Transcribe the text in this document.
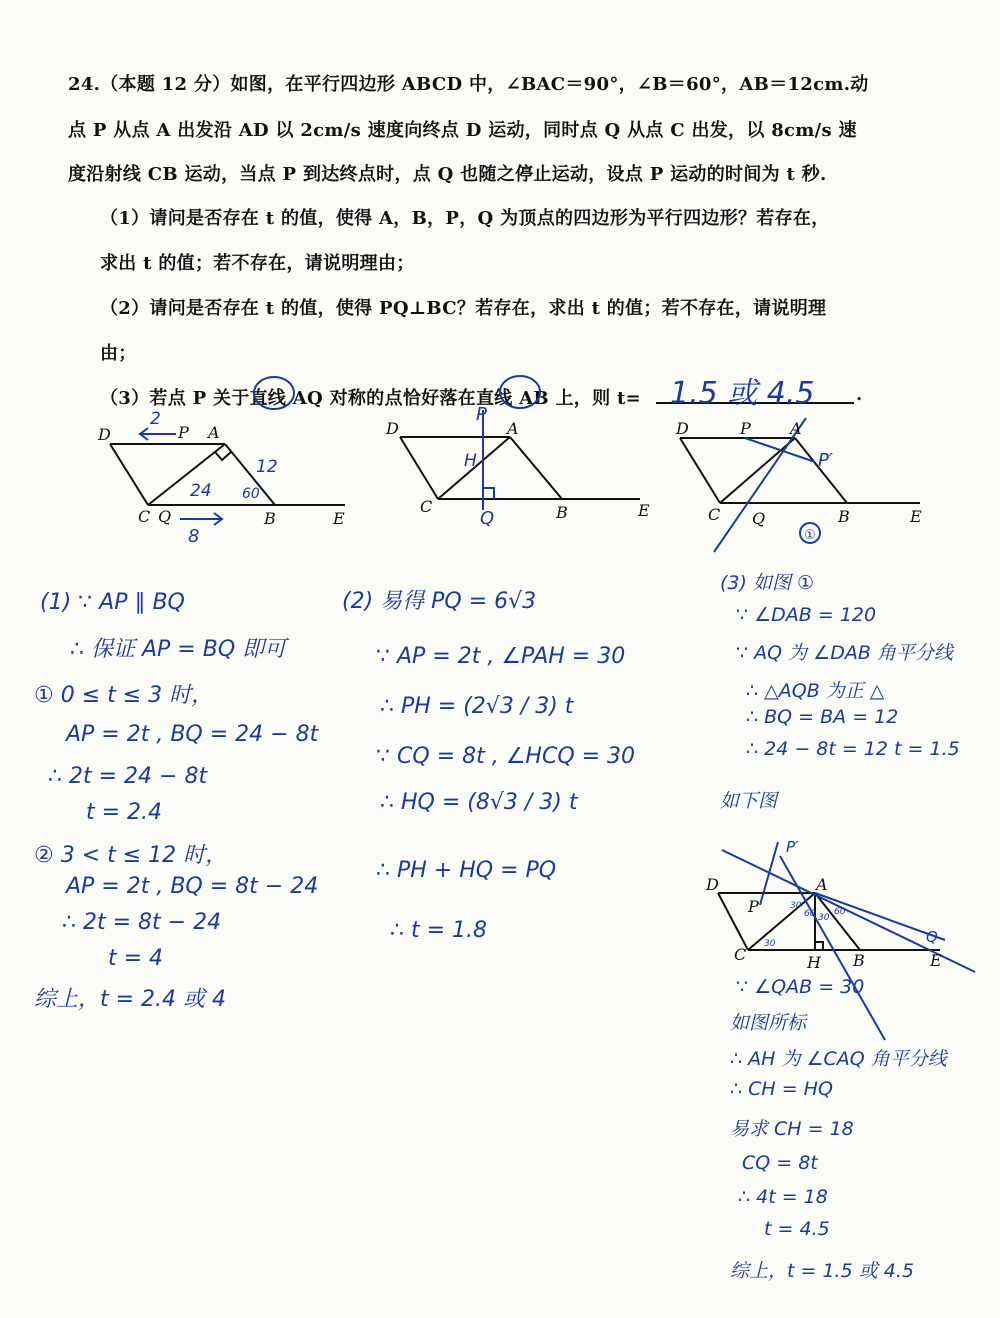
24.（本题 12 分）如图，在平行四边形 ABCD 中，∠BAC＝90°，∠B＝60°，AB＝12cm.动
点 P 从点 A 出发沿 AD 以 2cm/s 速度向终点 D 运动，同时点 Q 从点 C 出发，以 8cm/s 速
度沿射线 CB 运动，当点 P 到达终点时，点 Q 也随之停止运动，设点 P 运动的时间为 t 秒.
（1）请问是否存在 t 的值，使得 A，B，P，Q 为顶点的四边形为平行四边形？若存在，
求出 t 的值；若不存在，请说明理由；
（2）请问是否存在 t 的值，使得 PQ⊥BC？若存在，求出 t 的值；若不存在，请说明理
由；
（3）若点 P 关于直线 AQ 对称的点恰好落在直线 AB 上，则 t=	.
1.5 或 4.5
D	P A
C Q	B	E
2
8
12
24 60
D	A
C	B	E
P
H
Q
D	P A
C Q	B	E
P′
①
D
P
A
C	H B	E
Q
P′
30
60 30
60
30
(1) ∵ AP ∥ BQ
∴ 保证 AP = BQ 即可
① 0 ≤ t ≤ 3 时，
AP = 2t , BQ = 24 − 8t
∴ 2t = 24 − 8t
t = 2.4
② 3 < t ≤ 12 时，
AP = 2t , BQ = 8t − 24
∴ 2t = 8t − 24
t = 4
综上，t = 2.4 或 4
(2) 易得 PQ = 6√3
∵ AP = 2t , ∠PAH = 30
∴ PH = (2√3 / 3) t
∵ CQ = 8t , ∠HCQ = 30
∴ HQ = (8√3 / 3) t
∴ PH + HQ = PQ
∴ t = 1.8
(3) 如图 ①
∵ ∠DAB = 120
∵ AQ 为 ∠DAB 角平分线
∴ △AQB 为正 △
∴ BQ = BA = 12
∴ 24 − 8t = 12 t = 1.5
如下图
∵ ∠QAB = 30
如图所标
∴ AH 为 ∠CAQ 角平分线
∴ CH = HQ
易求 CH = 18
CQ = 8t
∴ 4t = 18
t = 4.5
综上，t = 1.5 或 4.5
